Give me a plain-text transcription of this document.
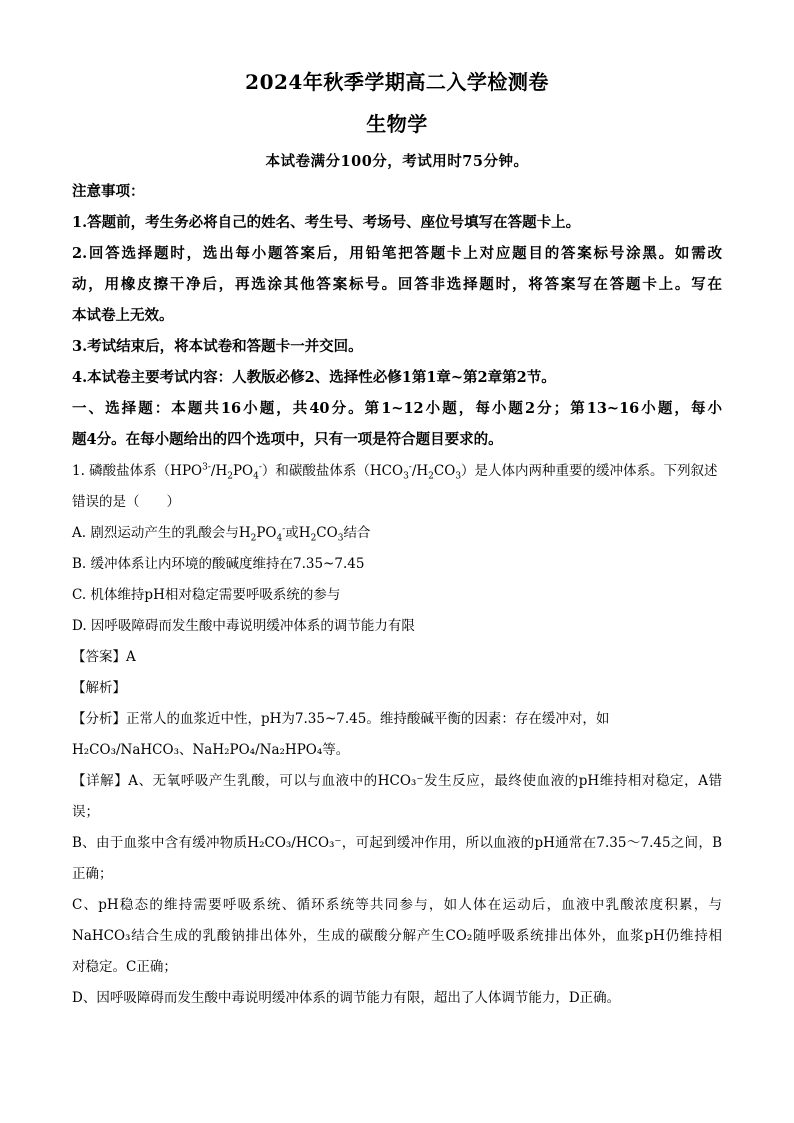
2024年秋季学期高二入学检测卷
生物学
本试卷满分100分，考试用时75分钟。
注意事项：
1.答题前，考生务必将自己的姓名、考生号、考场号、座位号填写在答题卡上。
2.回答选择题时，选出每小题答案后，用铅笔把答题卡上对应题目的答案标号涂黑。如需改
动，用橡皮擦干净后，再选涂其他答案标号。回答非选择题时，将答案写在答题卡上。写在
本试卷上无效。
3.考试结束后，将本试卷和答题卡一并交回。
4.本试卷主要考试内容：人教版必修2、选择性必修1第1章~第2章第2节。
一、选择题：本题共16小题，共40分。第1~12小题，每小题2分；第13~16小题，每小
题4分。在每小题给出的四个选项中，只有一项是符合题目要求的。
1. 磷酸盐体系$(HPO^{3-}/H_2PO_4^-)$和碳酸盐体系$(HCO_3^-/H_2CO_3)$是人体内两种重要的缓冲体系。下列叙述
错误的是（　　）
A. 剧烈运动产生的乳酸会与$H_2PO_4^-$或$H_2CO_3$结合
B. 缓冲体系让内环境的酸碱度维持在7.35~7.45
C. 机体维持pH相对稳定需要呼吸系统的参与
D. 因呼吸障碍而发生酸中毒说明缓冲体系的调节能力有限
【答案】A
【解析】
【分析】正常人的血浆近中性，pH为7.35~7.45。维持酸碱平衡的因素：存在缓冲对，如
H₂CO₃/NaHCO₃、NaH₂PO₄/Na₂HPO₄等。
【详解】A、无氧呼吸产生乳酸，可以与血液中的HCO₃⁻发生反应，最终使血液的pH维持相对稳定，A错
误；
B、由于血浆中含有缓冲物质H₂CO₃/HCO₃⁻，可起到缓冲作用，所以血液的pH通常在7.35～7.45之间，B
正确；
C、pH稳态的维持需要呼吸系统、循环系统等共同参与，如人体在运动后，血液中乳酸浓度积累，与
NaHCO₃结合生成的乳酸钠排出体外，生成的碳酸分解产生CO₂随呼吸系统排出体外，血浆pH仍维持相
对稳定。C正确；
D、因呼吸障碍而发生酸中毒说明缓冲体系的调节能力有限，超出了人体调节能力，D正确。
